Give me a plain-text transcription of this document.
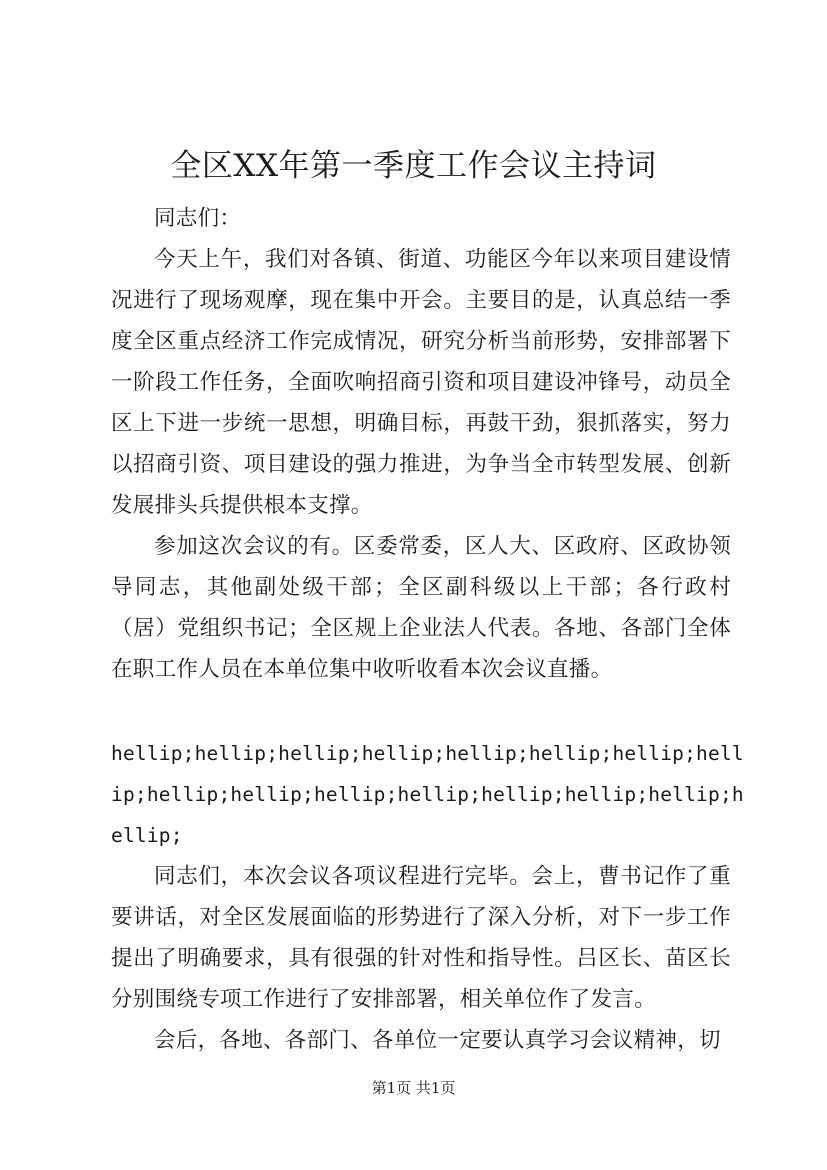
全区XX年第一季度工作会议主持词

同志们：

今天上午，我们对各镇、街道、功能区今年以来项目建设情况进行了现场观摩，现在集中开会。主要目的是，认真总结一季度全区重点经济工作完成情况，研究分析当前形势，安排部署下一阶段工作任务，全面吹响招商引资和项目建设冲锋号，动员全区上下进一步统一思想，明确目标，再鼓干劲，狠抓落实，努力以招商引资、项目建设的强力推进，为争当全市转型发展、创新发展排头兵提供根本支撑。

参加这次会议的有。区委常委，区人大、区政府、区政协领导同志，其他副处级干部；全区副科级以上干部；各行政村（居）党组织书记；全区规上企业法人代表。各地、各部门全体在职工作人员在本单位集中收听收看本次会议直播。

hellip;hellip;hellip;hellip;hellip;hellip;hellip;hellip;hellip;hellip;hellip;hellip;hellip;hellip;hellip;hellip;

同志们，本次会议各项议程进行完毕。会上，曹书记作了重要讲话，对全区发展面临的形势进行了深入分析，对下一步工作提出了明确要求，具有很强的针对性和指导性。吕区长、苗区长分别围绕专项工作进行了安排部署，相关单位作了发言。

会后，各地、各部门、各单位一定要认真学习会议精神，切

第1页 共1页
